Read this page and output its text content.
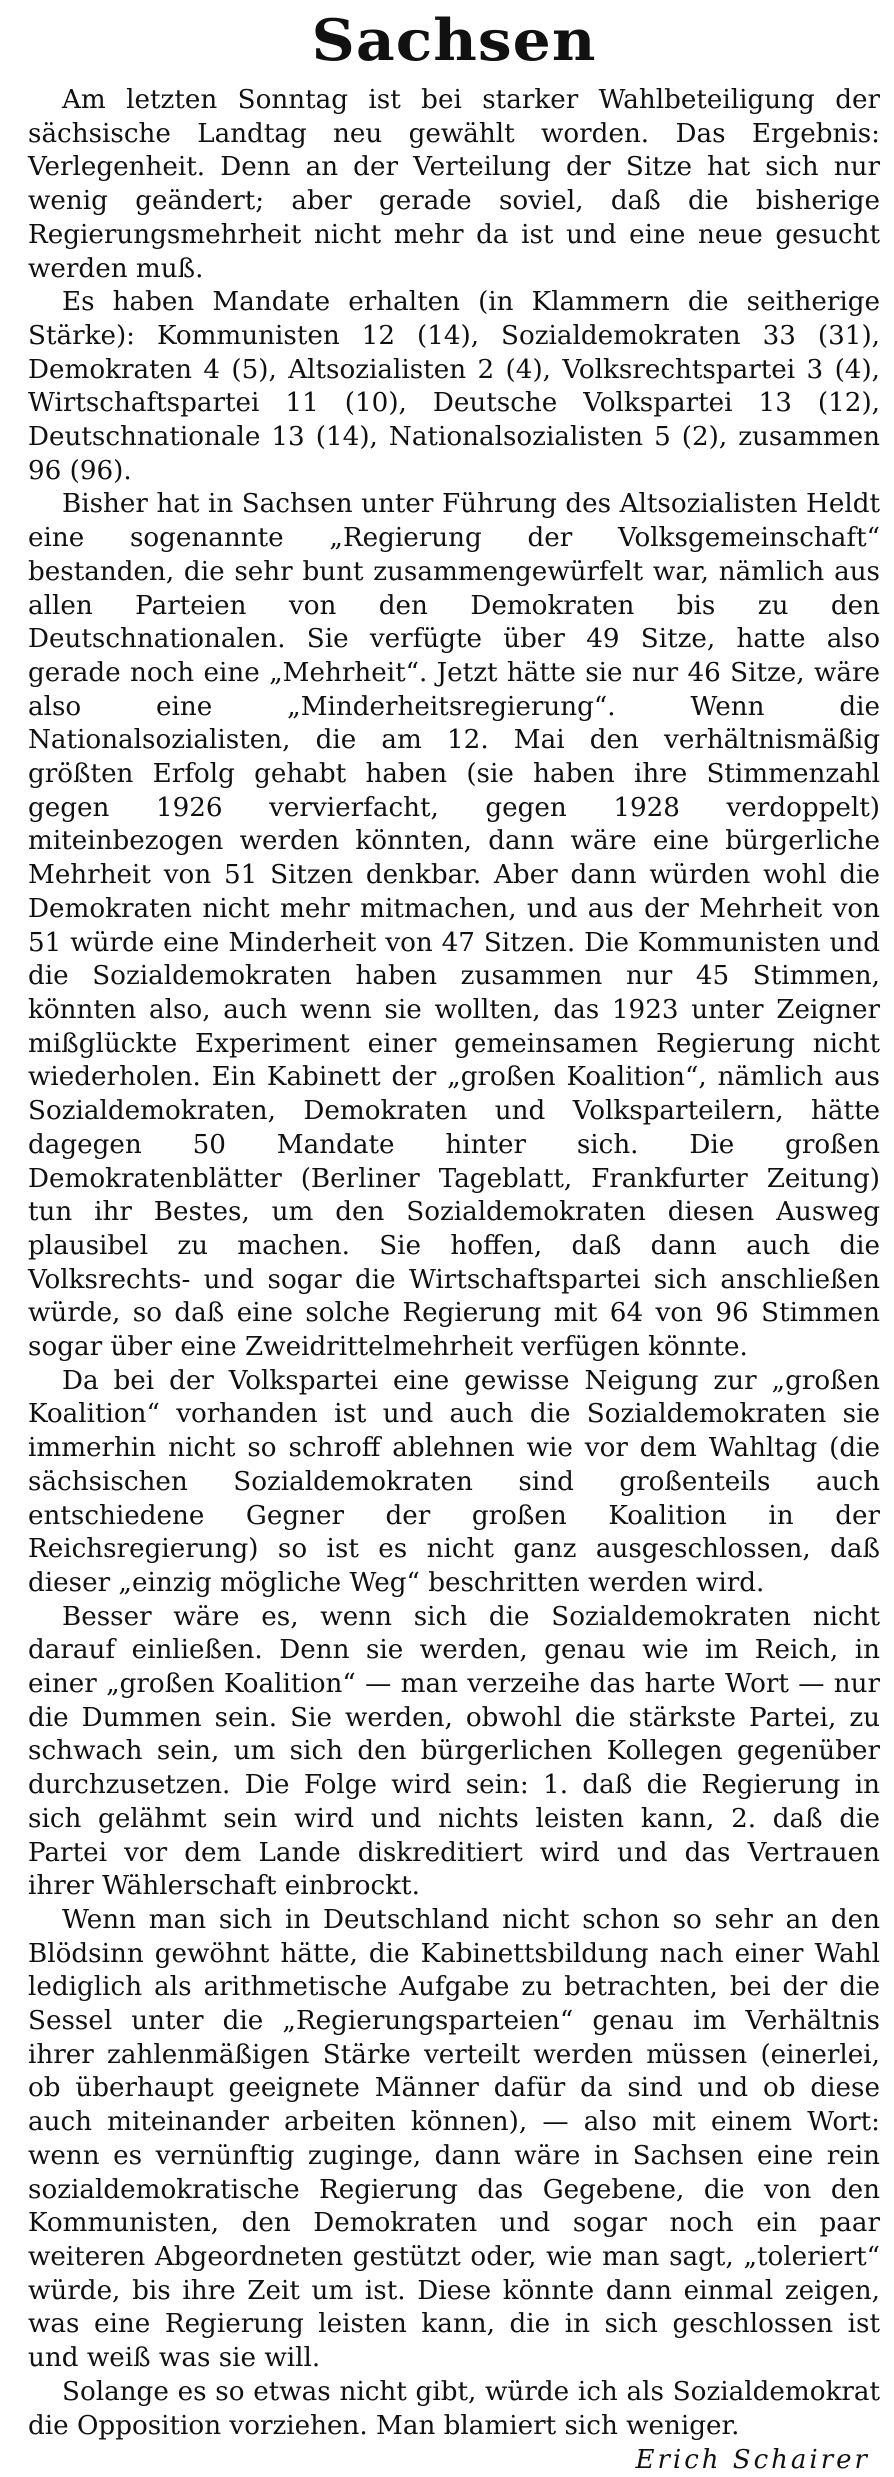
Sachsen

Am letzten Sonntag ist bei starker Wahlbeteiligung der sächsische Landtag neu gewählt worden. Das Ergebnis: Verlegenheit. Denn an der Verteilung der Sitze hat sich nur wenig geändert; aber gerade soviel, daß die bisherige Regierungsmehrheit nicht mehr da ist und eine neue gesucht werden muß.

Es haben Mandate erhalten (in Klammern die seitherige Stärke): Kommunisten 12 (14), Sozialdemokraten 33 (31), Demokraten 4 (5), Altsozialisten 2 (4), Volksrechtspartei 3 (4), Wirtschaftspartei 11 (10), Deutsche Volkspartei 13 (12), Deutschnationale 13 (14), Nationalsozialisten 5 (2), zusammen 96 (96).

Bisher hat in Sachsen unter Führung des Altsozialisten Heldt eine sogenannte „Regierung der Volksgemeinschaft“ bestanden, die sehr bunt zusammengewürfelt war, nämlich aus allen Parteien von den Demokraten bis zu den Deutschnationalen. Sie verfügte über 49 Sitze, hatte also gerade noch eine „Mehrheit“. Jetzt hätte sie nur 46 Sitze, wäre also eine „Minderheitsregierung“. Wenn die Nationalsozialisten, die am 12. Mai den verhältnismäßig größten Erfolg gehabt haben (sie haben ihre Stimmenzahl gegen 1926 vervierfacht, gegen 1928 verdoppelt) miteinbezogen werden könnten, dann wäre eine bürgerliche Mehrheit von 51 Sitzen denkbar. Aber dann würden wohl die Demokraten nicht mehr mitmachen, und aus der Mehrheit von 51 würde eine Minderheit von 47 Sitzen. Die Kommunisten und die Sozialdemokraten haben zusammen nur 45 Stimmen, könnten also, auch wenn sie wollten, das 1923 unter Zeigner mißglückte Experiment einer gemeinsamen Regierung nicht wiederholen. Ein Kabinett der „großen Koalition“, nämlich aus Sozialdemokraten, Demokraten und Volksparteilern, hätte dagegen 50 Mandate hinter sich. Die großen Demokratenblätter (Berliner Tageblatt, Frankfurter Zeitung) tun ihr Bestes, um den Sozialdemokraten diesen Ausweg plausibel zu machen. Sie hoffen, daß dann auch die Volksrechts- und sogar die Wirtschaftspartei sich anschließen würde, so daß eine solche Regierung mit 64 von 96 Stimmen sogar über eine Zweidrittelmehrheit verfügen könnte.

Da bei der Volkspartei eine gewisse Neigung zur „großen Koalition“ vorhanden ist und auch die Sozialdemokraten sie immerhin nicht so schroff ablehnen wie vor dem Wahltag (die sächsischen Sozialdemokraten sind großenteils auch entschiedene Gegner der großen Koalition in der Reichsregierung) so ist es nicht ganz ausgeschlossen, daß dieser „einzig mögliche Weg“ beschritten werden wird.

Besser wäre es, wenn sich die Sozialdemokraten nicht darauf einließen. Denn sie werden, genau wie im Reich, in einer „großen Koalition“ — man verzeihe das harte Wort — nur die Dummen sein. Sie werden, obwohl die stärkste Partei, zu schwach sein, um sich den bürgerlichen Kollegen gegenüber durchzusetzen. Die Folge wird sein: 1. daß die Regierung in sich gelähmt sein wird und nichts leisten kann, 2. daß die Partei vor dem Lande diskreditiert wird und das Vertrauen ihrer Wählerschaft einbrockt.

Wenn man sich in Deutschland nicht schon so sehr an den Blödsinn gewöhnt hätte, die Kabinettsbildung nach einer Wahl lediglich als arithmetische Aufgabe zu betrachten, bei der die Sessel unter die „Regierungsparteien“ genau im Verhältnis ihrer zahlenmäßigen Stärke verteilt werden müssen (einerlei, ob überhaupt geeignete Männer dafür da sind und ob diese auch miteinander arbeiten können), — also mit einem Wort: wenn es vernünftig zuginge, dann wäre in Sachsen eine rein sozialdemokratische Regierung das Gegebene, die von den Kommunisten, den Demokraten und sogar noch ein paar weiteren Abgeordneten gestützt oder, wie man sagt, „toleriert“ würde, bis ihre Zeit um ist. Diese könnte dann einmal zeigen, was eine Regierung leisten kann, die in sich geschlossen ist und weiß was sie will.

Solange es so etwas nicht gibt, würde ich als Sozialdemokrat die Opposition vorziehen. Man blamiert sich weniger.

Erich Schairer
